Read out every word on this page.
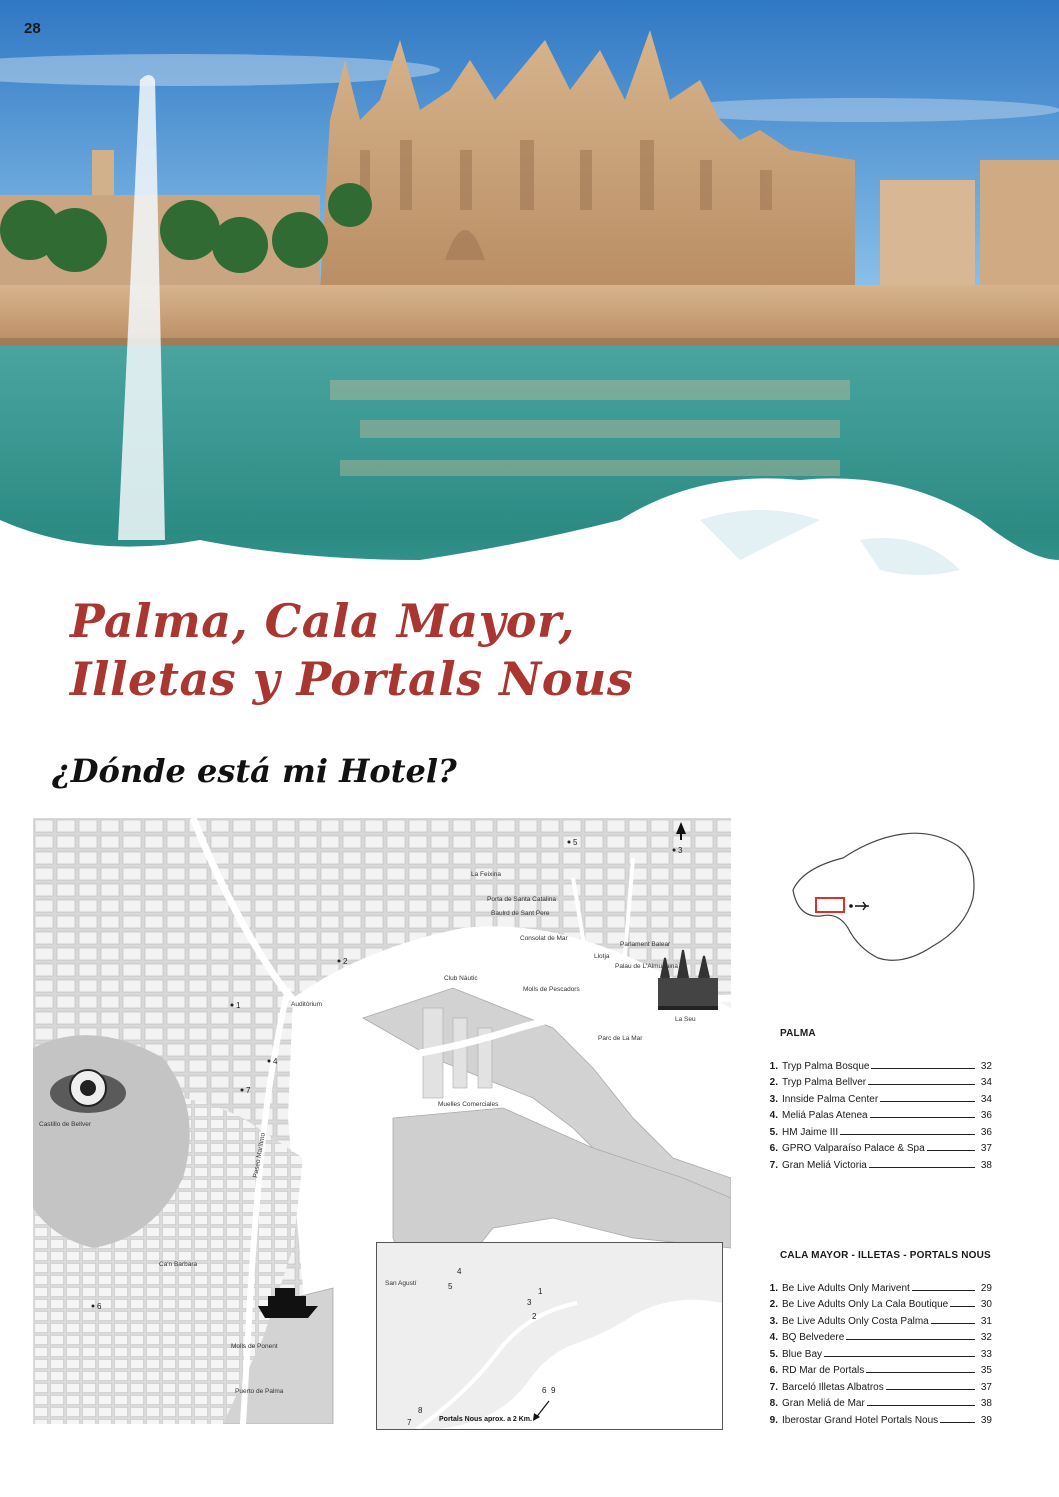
28
Palma, Cala Mayor,
Illetas y Portals Nous
¿Dónde está mi Hotel?
La Feixina
Porta de Santa Catalina
Baulrd de Sant Pere
Consolat de Mar
Parlament Balear
Llotja
Palau de L'Almudaina
Club Nàutic
Molls de Pescadors
La Seu
Parc de La Mar
Auditòrium
Castillo de Bellver
Muelles Comerciales
Paseo Marítimo
Ca'n Barbara
Molls de Ponent
Puerto de Palma
5
3
2
1
4
7
6
San Agustí
4
5
1
3
2
6 9
8
7	Portals Nous aprox. a 2 Km.
PALMA
1. Tryp Palma Bosque	32
2. Tryp Palma Bellver	34
3. Innside Palma Center	34
4. Meliá Palas Atenea	36
5. HM Jaime III	36
6. GPRO Valparaíso Palace & Spa	37
7. Gran Meliá Victoria	38
CALA MAYOR - ILLETAS - PORTALS NOUS
1. Be Live Adults Only Marivent	29
2. Be Live Adults Only La Cala Boutique	30
3. Be Live Adults Only Costa Palma	31
4. BQ Belvedere	32
5. Blue Bay	33
6. RD Mar de Portals	35
7. Barceló Illetas Albatros	37
8. Gran Meliá de Mar	38
9. Iberostar Grand Hotel Portals Nous	39
